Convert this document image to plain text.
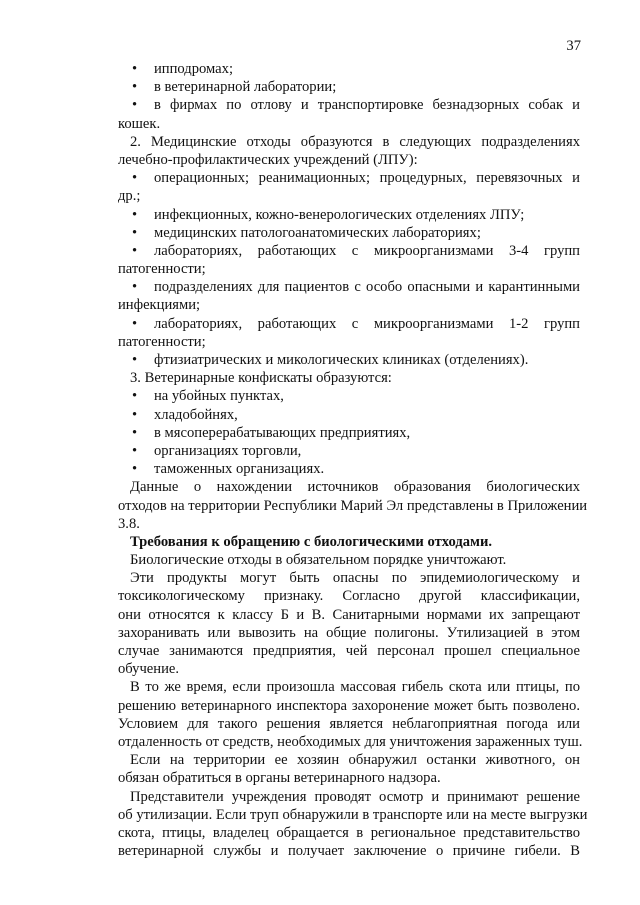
37
• ипподромах;
• в ветеринарной лаборатории;
• в фирмах по отлову и транспортировке безнадзорных собак и
кошек.
2. Медицинские отходы образуются в следующих подразделениях
лечебно-профилактических учреждений (ЛПУ):
• операционных; реанимационных; процедурных, перевязочных и
др.;
• инфекционных, кожно-венерологических отделениях ЛПУ;
• медицинских патологоанатомических лабораториях;
• лабораториях, работающих с микроорганизмами 3-4 групп
патогенности;
• подразделениях для пациентов с особо опасными и карантинными
инфекциями;
• лабораториях, работающих с микроорганизмами 1-2 групп
патогенности;
• фтизиатрических и микологических клиниках (отделениях).
3. Ветеринарные конфискаты образуются:
• на убойных пунктах,
• хладобойнях,
• в мясоперерабатывающих предприятиях,
• организациях торговли,
• таможенных организациях.
Данные о нахождении источников образования биологических
отходов на территории Республики Марий Эл представлены в Приложении
3.8.
Требования к обращению с биологическими отходами.
Биологические отходы в обязательном порядке уничтожают.
Эти продукты могут быть опасны по эпидемиологическому и
токсикологическому признаку. Согласно другой классификации,
они относятся к классу Б и В. Санитарными нормами их запрещают
захоранивать или вывозить на общие полигоны. Утилизацией в этом
случае занимаются предприятия, чей персонал прошел специальное
обучение.
В то же время, если произошла массовая гибель скота или птицы, по
решению ветеринарного инспектора захоронение может быть позволено.
Условием для такого решения является неблагоприятная погода или
отдаленность от средств, необходимых для уничтожения зараженных туш.
Если на территории ее хозяин обнаружил останки животного, он
обязан обратиться в органы ветеринарного надзора.
Представители учреждения проводят осмотр и принимают решение
об утилизации. Если труп обнаружили в транспорте или на месте выгрузки
скота, птицы, владелец обращается в региональное представительство
ветеринарной службы и получает заключение о причине гибели. В
